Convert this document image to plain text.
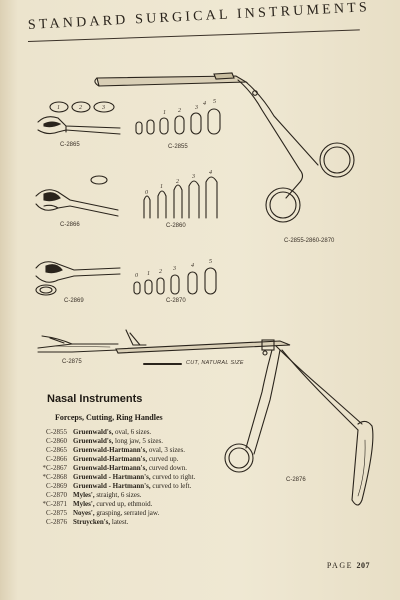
STANDARD SURGICAL INSTRUMENTS
1	2	3
1 2 3
4 5
0
1
2
3
4
0 1 2 3	4
5
C-2865	C-2855
C-2866	C-2860
C-2855-2860-2870
C-2869	C-2870
C-2875
C-2876
CUT, NATURAL SIZE
Nasal Instruments
Forceps, Cutting, Ring Handles
C-2855 Gruenwald's, oval, 6 sizes.
C-2860 Gruenwald's, long jaw, 5 sizes.
C-2865 Gruenwald-Hartmann's, oval, 3 sizes.
C-2866 Gruenwald-Hartmann's, curved up.
*C-2867 Gruenwald-Hartmann's, curved down.
*C-2868 Gruenwald - Hartmann's, curved to right.
C-2869 Gruenwald - Hartmann's, curved to left.
C-2870 Myles', straight, 6 sizes.
*C-2871 Myles', curved up, ethmoid.
C-2875 Noyes', grasping, serrated jaw.
C-2876 Struycken's, latest.
PAGE 207
